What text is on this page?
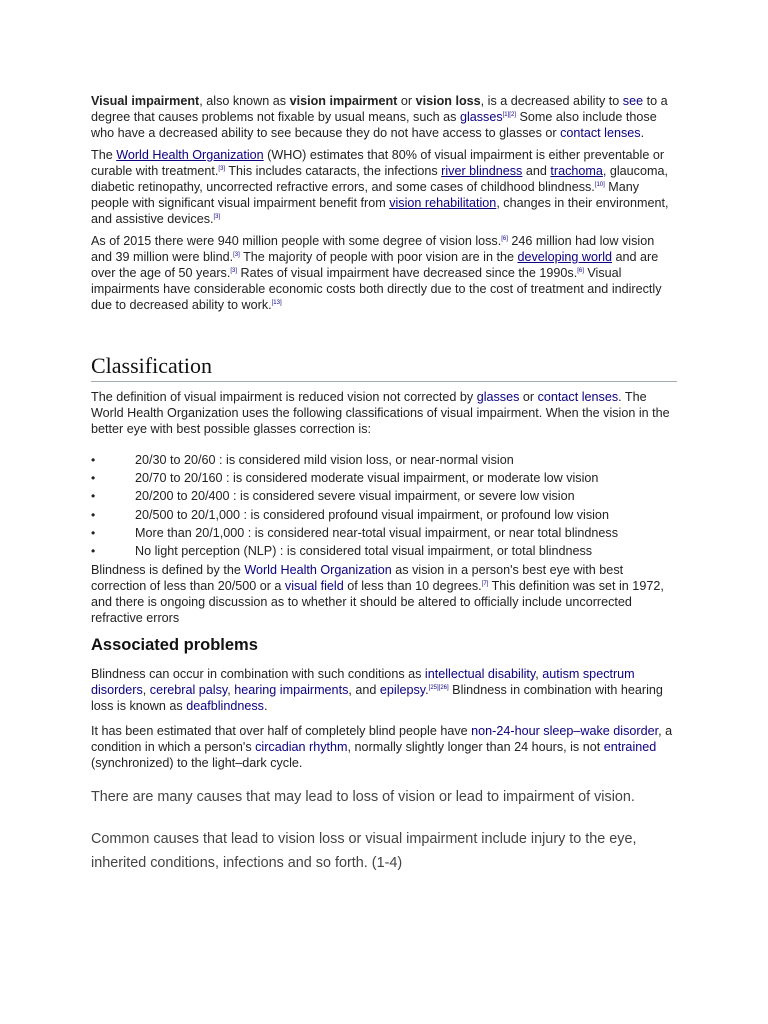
Visual impairment, also known as vision impairment or vision loss, is a decreased ability to see to a degree that causes problems not fixable by usual means, such as glasses[1][2] Some also include those who have a decreased ability to see because they do not have access to glasses or contact lenses.

The World Health Organization (WHO) estimates that 80% of visual impairment is either preventable or curable with treatment.[3] This includes cataracts, the infections river blindness and trachoma, glaucoma, diabetic retinopathy, uncorrected refractive errors, and some cases of childhood blindness.[10] Many people with significant visual impairment benefit from vision rehabilitation, changes in their environment, and assistive devices.[3]

As of 2015 there were 940 million people with some degree of vision loss.[6] 246 million had low vision and 39 million were blind.[3] The majority of people with poor vision are in the developing world and are over the age of 50 years.[3] Rates of visual impairment have decreased since the 1990s.[6] Visual impairments have considerable economic costs both directly due to the cost of treatment and indirectly due to decreased ability to work.[13]

Classification

The definition of visual impairment is reduced vision not corrected by glasses or contact lenses. The World Health Organization uses the following classifications of visual impairment. When the vision in the better eye with best possible glasses correction is:

•	20/30 to 20/60 : is considered mild vision loss, or near-normal vision
•	20/70 to 20/160 : is considered moderate visual impairment, or moderate low vision
•	20/200 to 20/400 : is considered severe visual impairment, or severe low vision
•	20/500 to 20/1,000 : is considered profound visual impairment, or profound low vision
•	More than 20/1,000 : is considered near-total visual impairment, or near total blindness
•	No light perception (NLP) : is considered total visual impairment, or total blindness

Blindness is defined by the World Health Organization as vision in a person's best eye with best correction of less than 20/500 or a visual field of less than 10 degrees.[7] This definition was set in 1972, and there is ongoing discussion as to whether it should be altered to officially include uncorrected refractive errors

Associated problems

Blindness can occur in combination with such conditions as intellectual disability, autism spectrum disorders, cerebral palsy, hearing impairments, and epilepsy.[25][26] Blindness in combination with hearing loss is known as deafblindness.

It has been estimated that over half of completely blind people have non-24-hour sleep–wake disorder, a condition in which a person's circadian rhythm, normally slightly longer than 24 hours, is not entrained (synchronized) to the light–dark cycle.

There are many causes that may lead to loss of vision or lead to impairment of vision.

Common causes that lead to vision loss or visual impairment include injury to the eye, inherited conditions, infections and so forth. (1-4)
